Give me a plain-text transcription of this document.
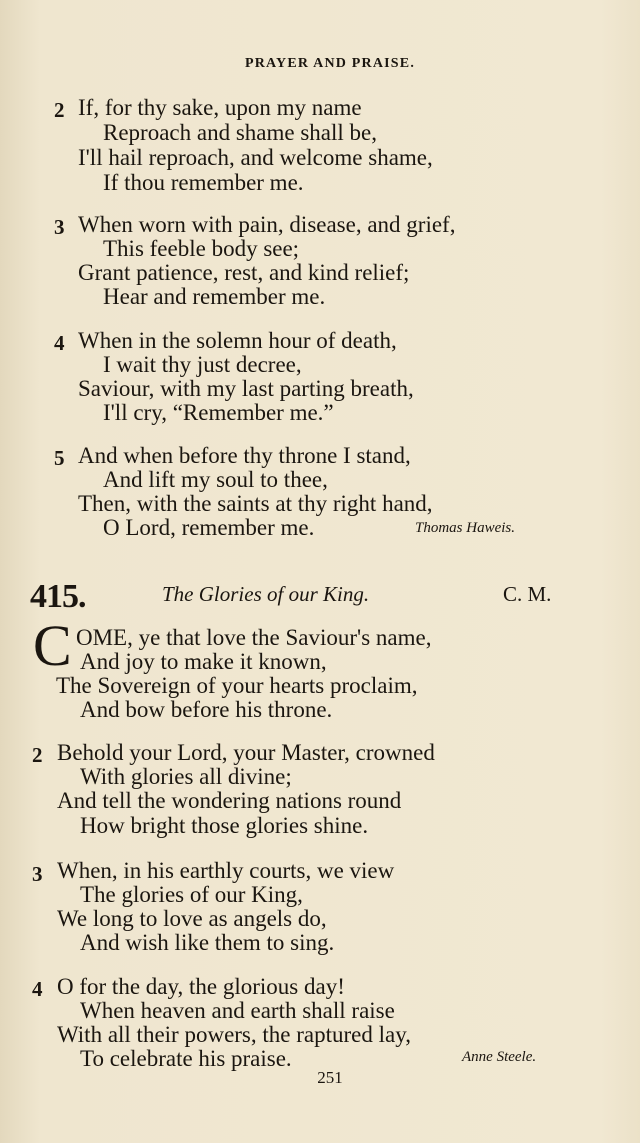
PRAYER AND PRAISE.
2 If, for thy sake, upon my name
Reproach and shame shall be,
I'll hail reproach, and welcome shame,
If thou remember me.
3 When worn with pain, disease, and grief,
This feeble body see;
Grant patience, rest, and kind relief;
Hear and remember me.
4 When in the solemn hour of death,
I wait thy just decree,
Saviour, with my last parting breath,
I'll cry, “Remember me.”
5 And when before thy throne I stand,
And lift my soul to thee,
Then, with the saints at thy right hand,
O Lord, remember me.	Thomas Haweis.
415.	The Glories of our King.	C. M.
C OME, ye that love the Saviour's name,
And joy to make it known,
The Sovereign of your hearts proclaim,
And bow before his throne.
2 Behold your Lord, your Master, crowned
With glories all divine;
And tell the wondering nations round
How bright those glories shine.
3 When, in his earthly courts, we view
The glories of our King,
We long to love as angels do,
And wish like them to sing.
4 O for the day, the glorious day!
When heaven and earth shall raise
With all their powers, the raptured lay,
To celebrate his praise.	Anne Steele.
251
